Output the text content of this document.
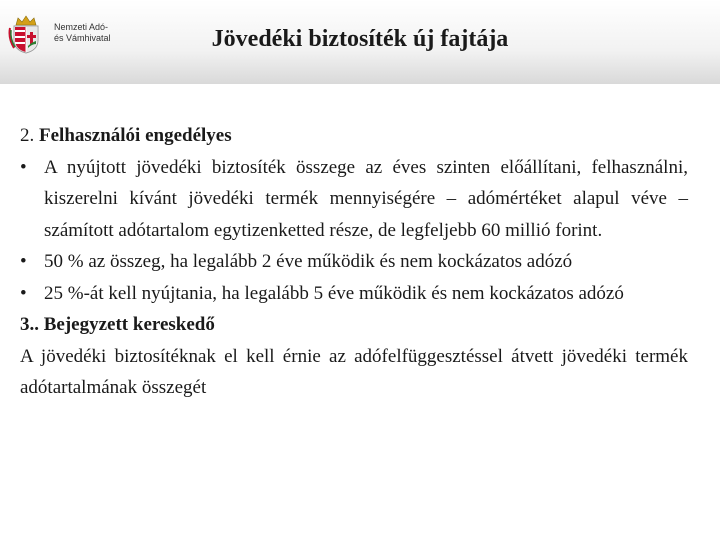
Nemzeti Adó-
és Vámhivatal	Jövedéki biztosíték új fajtája

2. Felhasználói engedélyes

• A nyújtott jövedéki biztosíték összege az éves szinten előállítani, felhasználni, kiszerelni kívánt jövedéki termék mennyiségére – adómértéket alapul véve – számított adótartalom egytizenketted része, de legfeljebb 60 millió forint.

• 50 % az összeg, ha legalább 2 éve működik és nem kockázatos adózó

• 25 %-át kell nyújtania, ha legalább 5 éve működik és nem kockázatos adózó

3.. Bejegyzett kereskedő

A jövedéki biztosítéknak el kell érnie az adófelfüggesztéssel átvett jövedéki termék adótartalmának összegét
